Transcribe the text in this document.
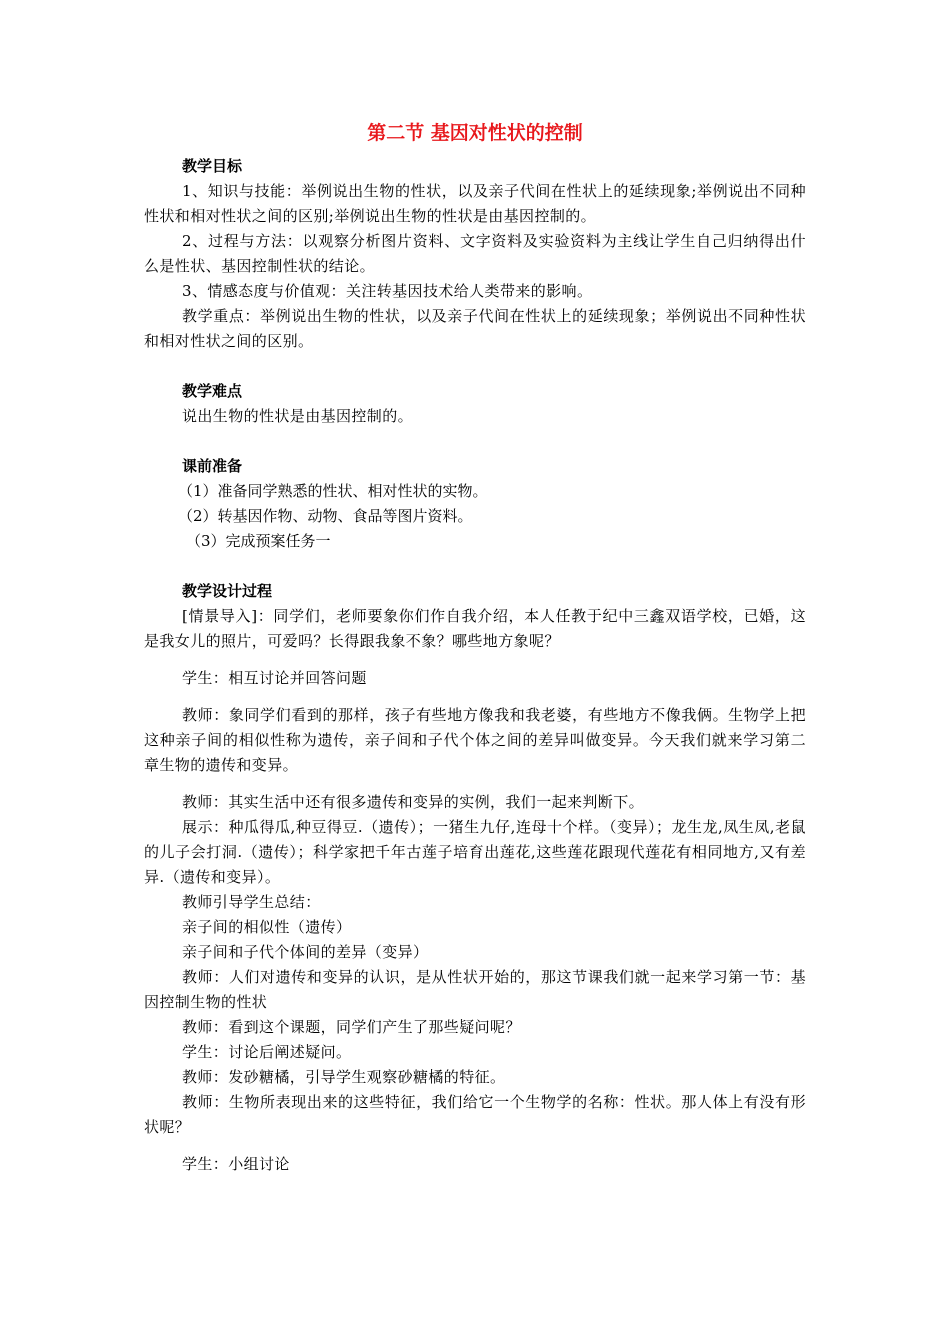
第二节 基因对性状的控制
教学目标

1、知识与技能：举例说出生物的性状，以及亲子代间在性状上的延续现象;举例说出不同种性状和相对性状之间的区别;举例说出生物的性状是由基因控制的。

2、过程与方法：以观察分析图片资料、文字资料及实验资料为主线让学生自己归纳得出什么是性状、基因控制性状的结论。

3、情感态度与价值观：关注转基因技术给人类带来的影响。

教学重点：举例说出生物的性状，以及亲子代间在性状上的延续现象；举例说出不同种性状和相对性状之间的区别。

教学难点

说出生物的性状是由基因控制的。

课前准备

（1）准备同学熟悉的性状、相对性状的实物。

（2）转基因作物、动物、食品等图片资料。

（3）完成预案任务一

教学设计过程

[情景导入]：同学们，老师要象你们作自我介绍，本人任教于纪中三鑫双语学校，已婚，这是我女儿的照片，可爱吗？长得跟我象不象？哪些地方象呢？

学生：相互讨论并回答问题

教师：象同学们看到的那样，孩子有些地方像我和我老婆，有些地方不像我俩。生物学上把这种亲子间的相似性称为遗传，亲子间和子代个体之间的差异叫做变异。今天我们就来学习第二章生物的遗传和变异。

教师：其实生活中还有很多遗传和变异的实例，我们一起来判断下。

展示：种瓜得瓜,种豆得豆.（遗传）；一猪生九仔,连母十个样。（变异）；龙生龙,凤生凤,老鼠的儿子会打洞.（遗传）；科学家把千年古莲子培育出莲花,这些莲花跟现代莲花有相同地方,又有差异.（遗传和变异）。

教师引导学生总结：

亲子间的相似性（遗传）

亲子间和子代个体间的差异（变异）

教师：人们对遗传和变异的认识，是从性状开始的，那这节课我们就一起来学习第一节：基因控制生物的性状

教师：看到这个课题，同学们产生了那些疑问呢？

学生：讨论后阐述疑问。

教师：发砂糖橘，引导学生观察砂糖橘的特征。

教师：生物所表现出来的这些特征，我们给它一个生物学的名称：性状。那人体上有没有形状呢？

学生：小组讨论
